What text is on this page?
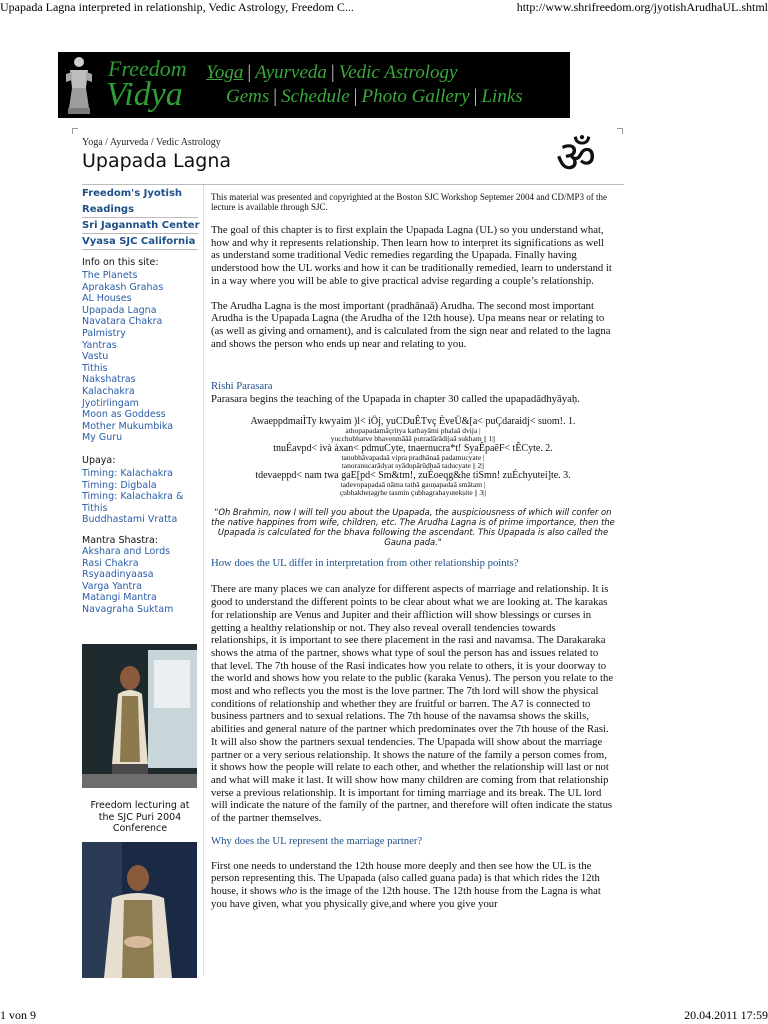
Upapada Lagna interpreted in relationship, Vedic Astrology, Freedom C...	http://www.shrifreedom.org/jyotishArudhaUL.shtml
Freedom
Vidya
Yoga | Ayurveda | Vedic Astrology
Gems | Schedule | Photo Gallery | Links
Yoga / Ayurveda / Vedic Astrology
Upapada Lagna	ॐ
Freedom's Jyotish
Readings
Sri Jagannath Center
Vyasa SJC California
Info on this site:
The Planets
Aprakash Grahas
AL Houses
Upapada Lagna
Navatara Chakra
Palmistry
Yantras
Vastu
Tithis
Nakshatras
Kalachakra
Jyotirlingam
Moon as Goddess
Mother Mukumbika
My Guru
Upaya:
Timing: Kalachakra
Timing: Digbala
Timing: Kalachakra &
Tithis
Buddhastami Vratta
Mantra Shastra:
Akshara and Lords
Rasi Chakra
Rsyaadinyaasa
Varga Yantra
Matangi Mantra
Navagraha Suktam
Freedom lecturing at the SJC Puri 2004 Conference

This material was presented and copyrighted at the Boston SJC Workshop Septemer 2004 and CD/MP3 of the lecture is available through SJC.

The goal of this chapter is to first explain the Upapada Lagna (UL) so you understand what, how and why it represents relationship. Then learn how to interpret its significations as well as understand some traditional Vedic remedies regarding the Upapada. Finally having understood how the UL works and how it can be traditionally remedied, learn to understand it in a way where you will be able to give practical advise regarding a couple’s relationship.

The Arudha Lagna is the most important (pradhānaā) Arudha. The second most important Arudha is the Upapada Lagna (the Arudha of the 12th house). Upa means near or relating to (as well as giving and ornament), and is calculated from the sign near and related to the lagna and shows the person who ends up near and relating to you.

Rishi Parasara

Parasara begins the teaching of the Upapada in chapter 30 called the upapadādhyāyaḥ.

AwaeppdmaiÌTy kwyaim )l< iÖj, yuCDuÊTvç ÈveÜ&[a< puÇdaraidj< suom!. 1.
athopapadamāçritya kathayāmi phalaā dvija |
yucchubhatve bhavenmāāā putradārādijaā sukham || 1||
tnuÉavpd< ivà àxan< pdmuCyte, tnaernucra*t! SyaÊpaêF< tÊCyte. 2.
tanubhāvapadaā vipra pradhānaā padamucyate |
tanoranucarādyat syādupārūḍhaā taducyate || 2||
tdevaeppd< nam twa gaE[pd< Sm&tm!, zuÉoeqg&he tiSmn! zuÉchyutei]te. 3.
tadevopapadaā nāma tathā gauṇapadaā smātam |
çubhakheṭagṛhe tasmin çubhagrahayutekṣite || 3||

"Oh Brahmin, now I will tell you about the Upapada, the auspiciousness of which will confer on the native happines from wife, children, etc. The Arudha Lagna is of prime importance, then the Upapada is calculated for the bhava following the ascendant. This Upapada is also called the Gauna pada."

How does the UL differ in interpretation from other relationship points?

There are many places we can analyze for different aspects of marriage and relationship. It is good to understand the different points to be clear about what we are looking at. The karakas for relationship are Venus and Jupiter and their affliction will show blessings or curses in getting a healthy relationship or not. They also reveal overall tendencies towards relationships, it is important to see there placement in the rasi and navamsa. The Darakaraka shows the atma of the partner, shows what type of soul the person has and issues related to that level. The 7th house of the Rasi indicates how you relate to others, it is your doorway to the world and shows how you relate to the public (karaka Venus). The person you relate to the most and who reflects you the most is the love partner. The 7th lord will show the physical conditions of relationship and whether they are fruitful or barren. The A7 is connected to business partners and to sexual relations. The 7th house of the navamsa shows the skills, abilities and general nature of the partner which predominates over the 7th house of the Rasi. It will also show the partners sexual tendencies. The Upapada will show about the marriage partner or a very serious relationship. It shows the nature of the family a person comes from, it shows how the people will relate to each other, and whether the relationship will last or not and what will make it last. It will show how many children are coming from that relationship verse a previous relationship. It is important for timing marriage and its break. The UL lord will indicate the nature of the family of the partner, and therefore will often indicate the status of the partner themselves.

Why does the UL represent the marriage partner?

First one needs to understand the 12th house more deeply and then see how the UL is the person representing this. The Upapada (also called guana pada) is that which rides the 12th house, it shows who is the image of the 12th house. The 12th house from the Lagna is what you have given, what you physically give,and where you give your

1 von 9	20.04.2011 17:59
